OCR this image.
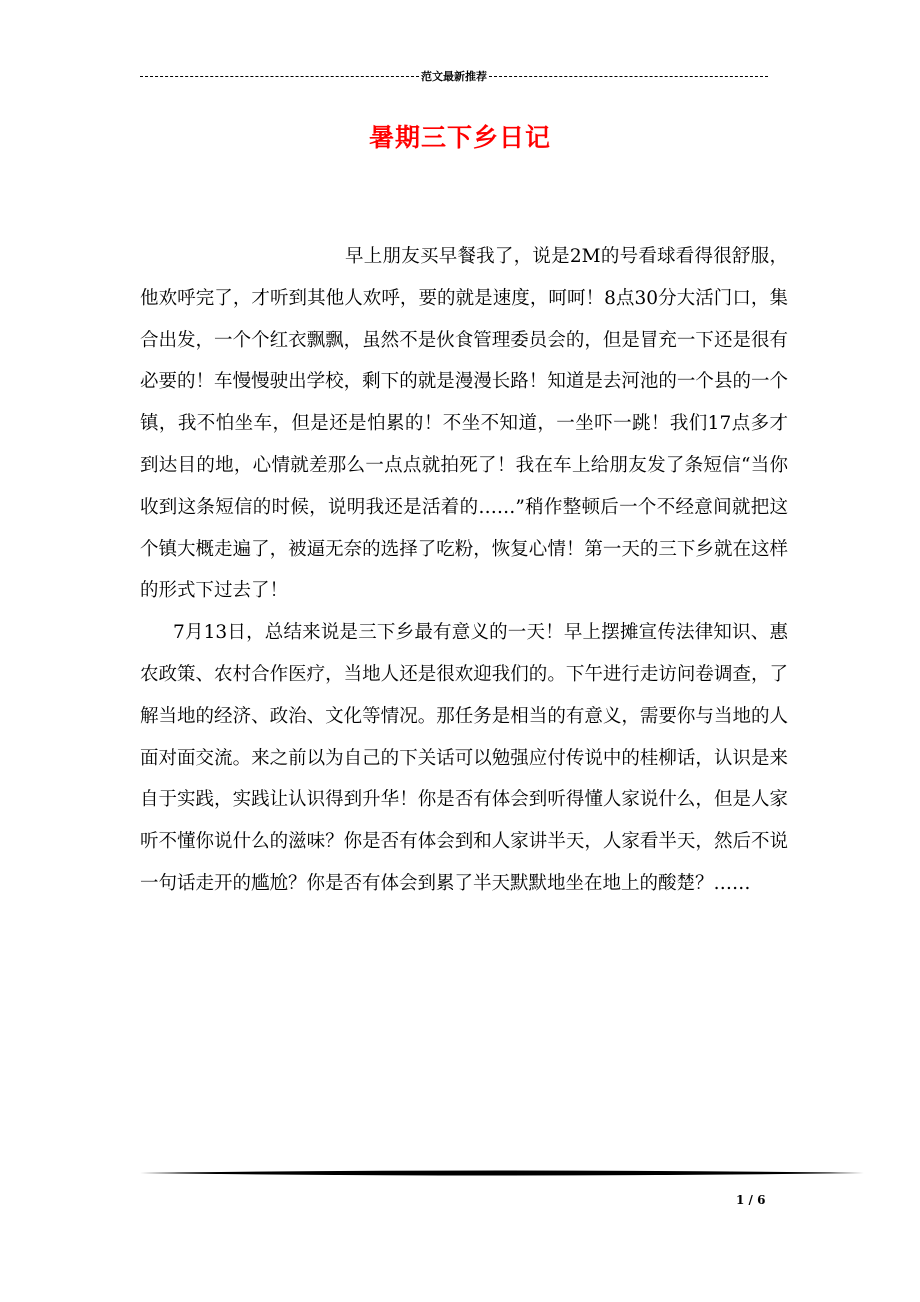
范文最新推荐
暑期三下乡日记

早上朋友买早餐我了，说是2M的号看球看得很舒服，他欢呼完了，才听到其他人欢呼，要的就是速度，呵呵！8点30分大活门口，集合出发，一个个红衣飘飘，虽然不是伙食管理委员会的，但是冒充一下还是很有必要的！车慢慢驶出学校，剩下的就是漫漫长路！知道是去河池的一个县的一个镇，我不怕坐车，但是还是怕累的！不坐不知道，一坐吓一跳！我们17点多才到达目的地，心情就差那么一点点就拍死了！我在车上给朋友发了条短信“当你收到这条短信的时候，说明我还是活着的……”稍作整顿后一个不经意间就把这个镇大概走遍了，被逼无奈的选择了吃粉，恢复心情！第一天的三下乡就在这样的形式下过去了！

7月13日，总结来说是三下乡最有意义的一天！早上摆摊宣传法律知识、惠农政策、农村合作医疗，当地人还是很欢迎我们的。下午进行走访问卷调查，了解当地的经济、政治、文化等情况。那任务是相当的有意义，需要你与当地的人面对面交流。来之前以为自己的下关话可以勉强应付传说中的桂柳话，认识是来自于实践，实践让认识得到升华！你是否有体会到听得懂人家说什么，但是人家听不懂你说什么的滋味？你是否有体会到和人家讲半天，人家看半天，然后不说一句话走开的尴尬？你是否有体会到累了半天默默地坐在地上的酸楚？……

1 / 6
